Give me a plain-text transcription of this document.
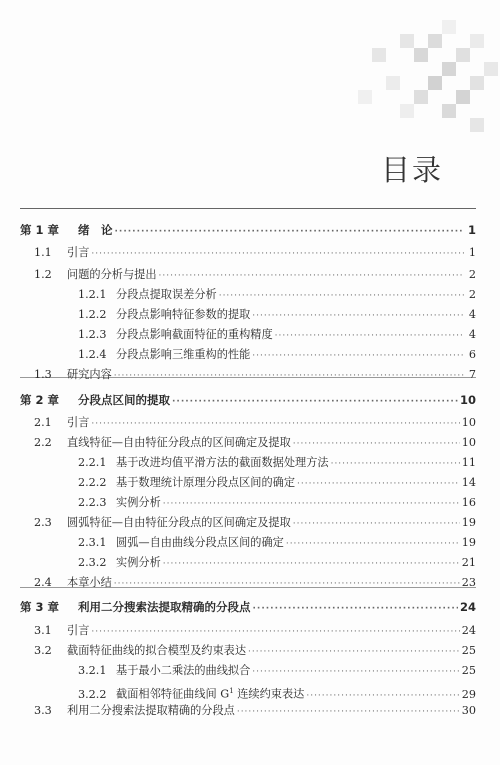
目录
第 1 章	绪　论 ·····	1
1.1	引言 ·····	1
1.2	问题的分析与提出 ·····	2
1.2.1 分段点提取误差分析 ·····	2
1.2.2 分段点影响特征参数的提取 ·····	4
1.2.3 分段点影响截面特征的重构精度 ·····	4
1.2.4 分段点影响三维重构的性能 ·····	6
1.3	研究内容 ·····	7
第 2 章	分段点区间的提取 ·····	10
2.1	引言 ·····	10
2.2	直线特征—自由特征分段点的区间确定及提取 ·····	10
2.2.1 基于改进均值平滑方法的截面数据处理方法 ·····	11
2.2.2 基于数理统计原理分段点区间的确定 ·····	14
2.2.3 实例分析 ·····	16
2.3	圆弧特征—自由特征分段点的区间确定及提取 ·····	19
2.3.1 圆弧—自由曲线分段点区间的确定 ·····	19
2.3.2 实例分析 ·····	21
2.4	本章小结 ·····	23
第 3 章	利用二分搜索法提取精确的分段点 ·····	24
3.1	引言 ·····	24
3.2	截面特征曲线的拟合模型及约束表达 ·····	25
3.2.1 基于最小二乘法的曲线拟合 ·····	25
3.2.2 截面相邻特征曲线间 $G^1$ 连续约束表达 ·····	29
3.3	利用二分搜索法提取精确的分段点 ·····	30
